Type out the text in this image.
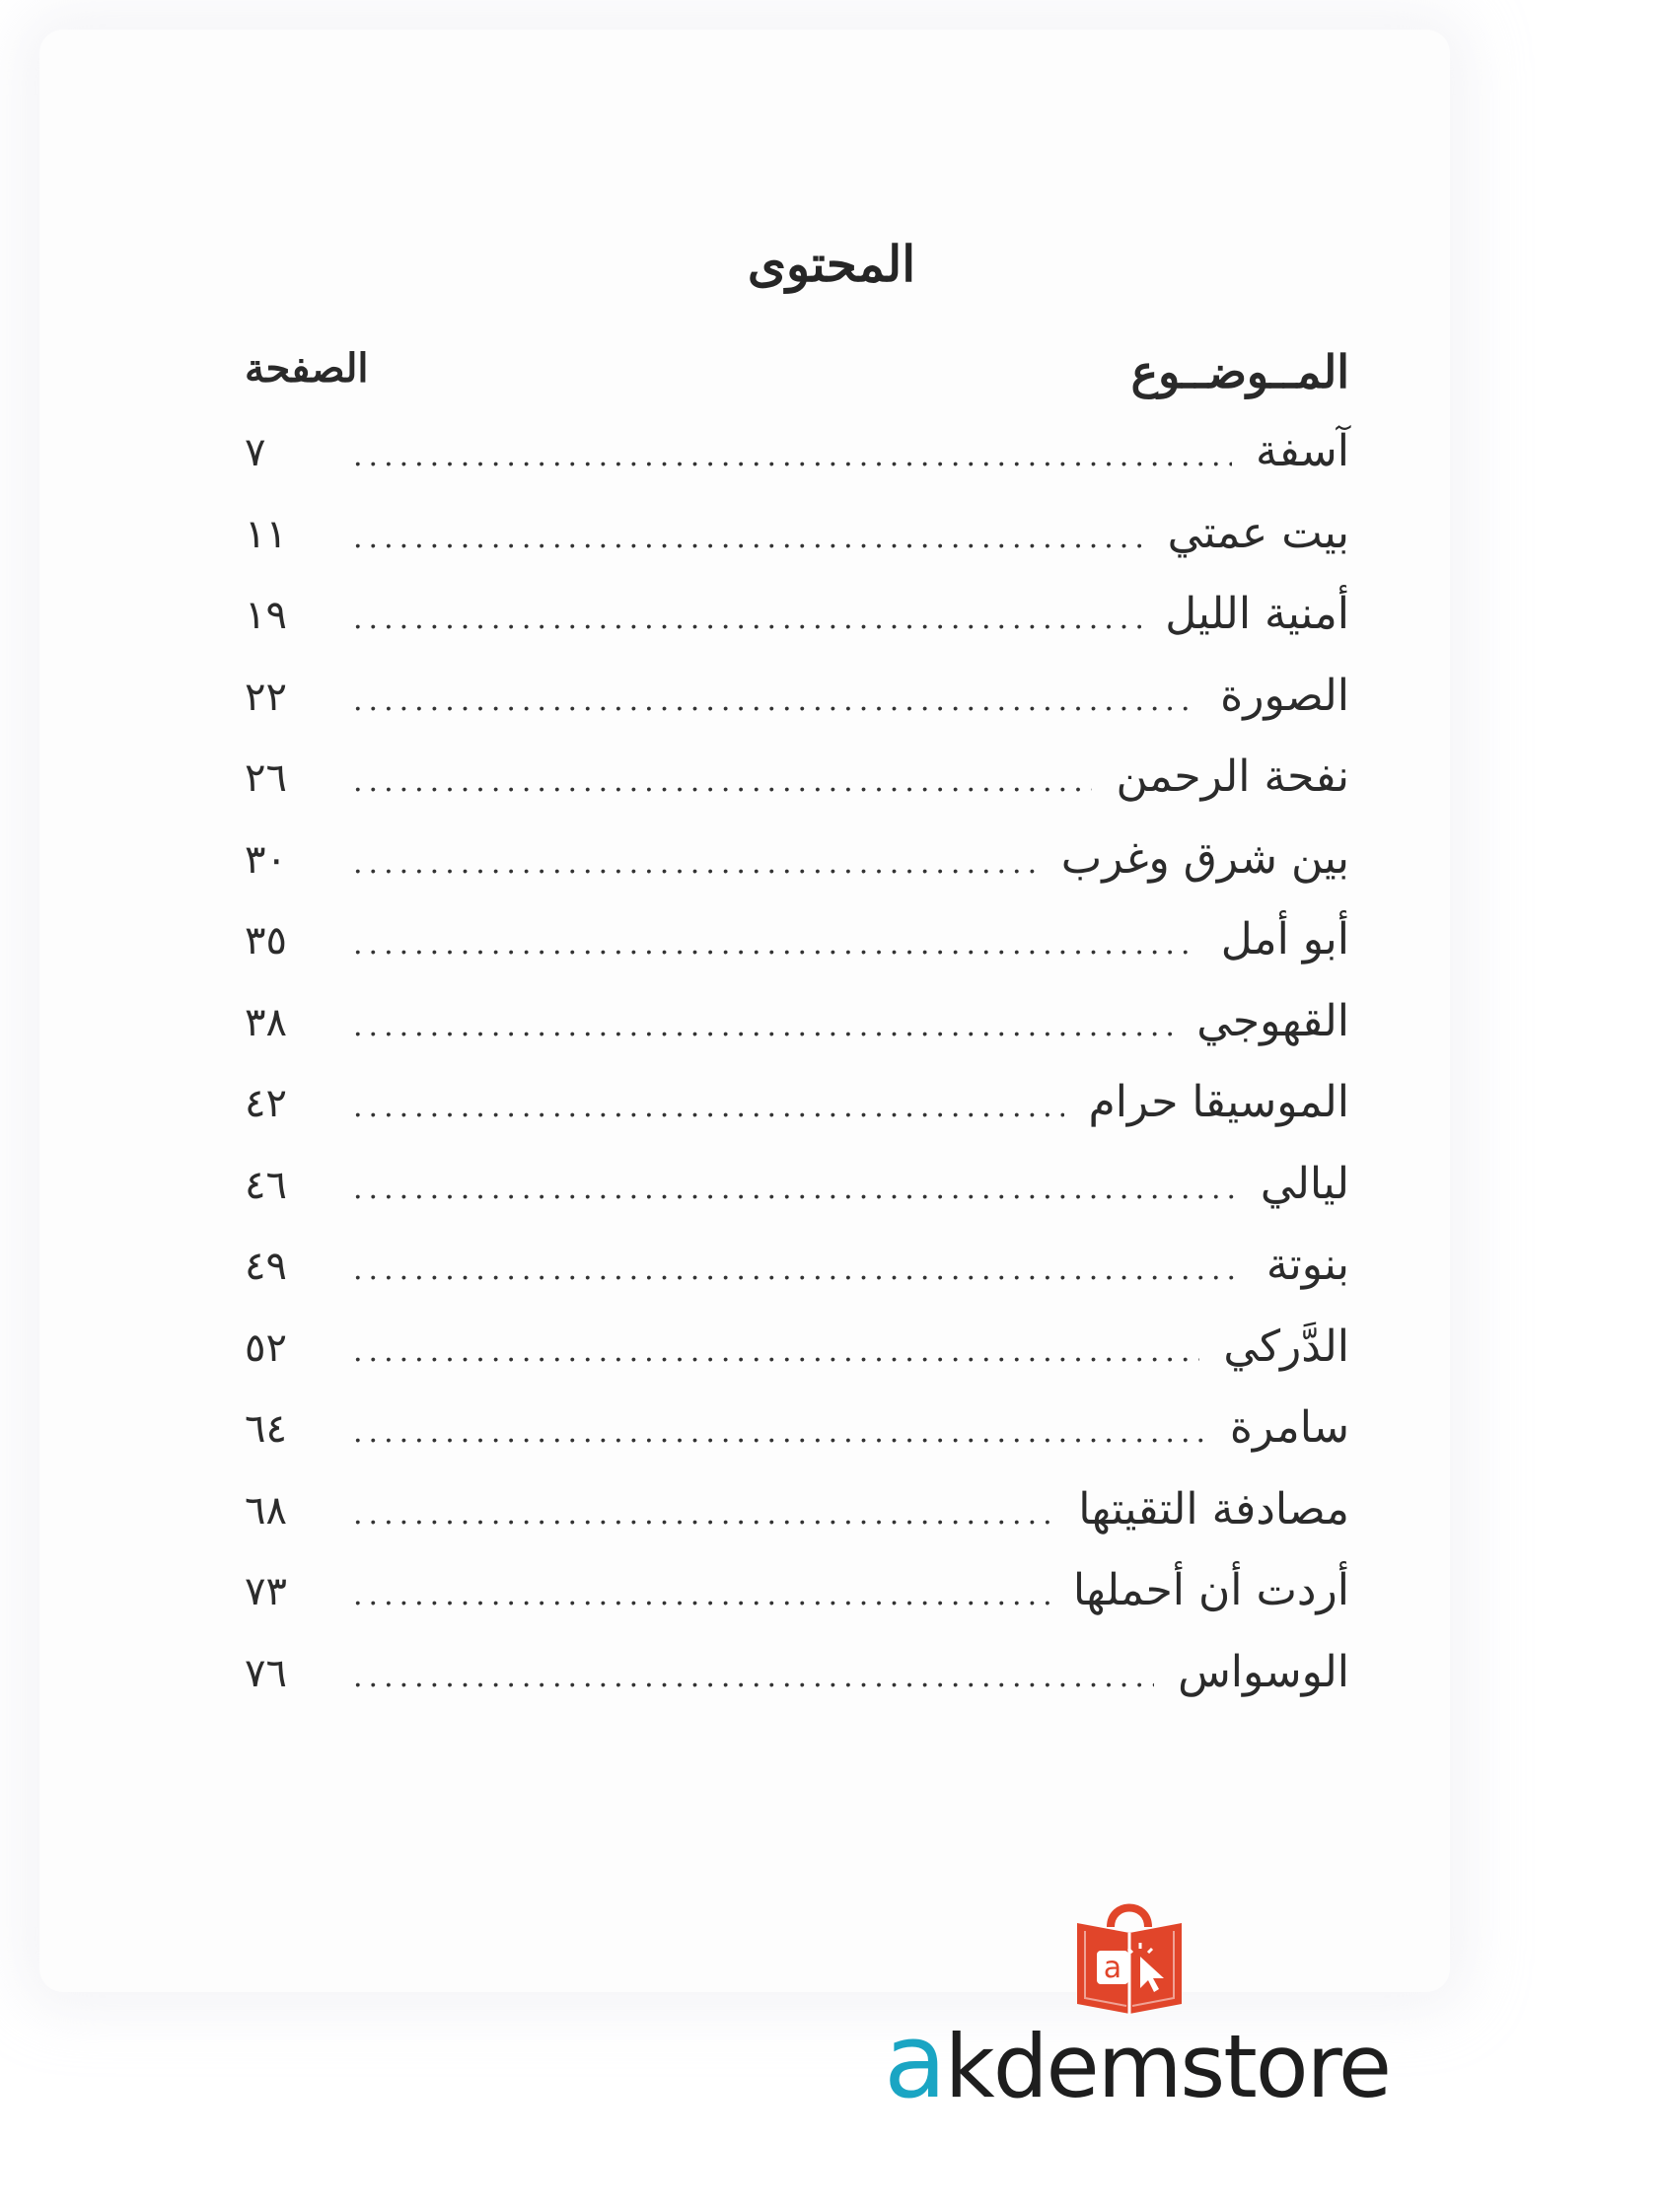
المحتوى
المــوضــوع
الصفحة
آسفة
.....
٧
بيت عمتي
.....
١١
أمنية الليل
.....
١٩
الصورة
.....
٢٢
نفحة الرحمن
.....
٢٦
بين شرق وغرب
.....
٣٠
أبو أمل
.....
٣٥
القهوجي
.....
٣٨
الموسيقا حرام
.....
٤٢
ليالي
.....
٤٦
بنوتة
.....
٤٩
الدَّركي
.....
٥٢
سامرة
.....
٦٤
مصادفة التقيتها
.....
٦٨
أردت أن أحملها
.....
٧٣
الوسواس
.....
٧٦
a
akdemstore
